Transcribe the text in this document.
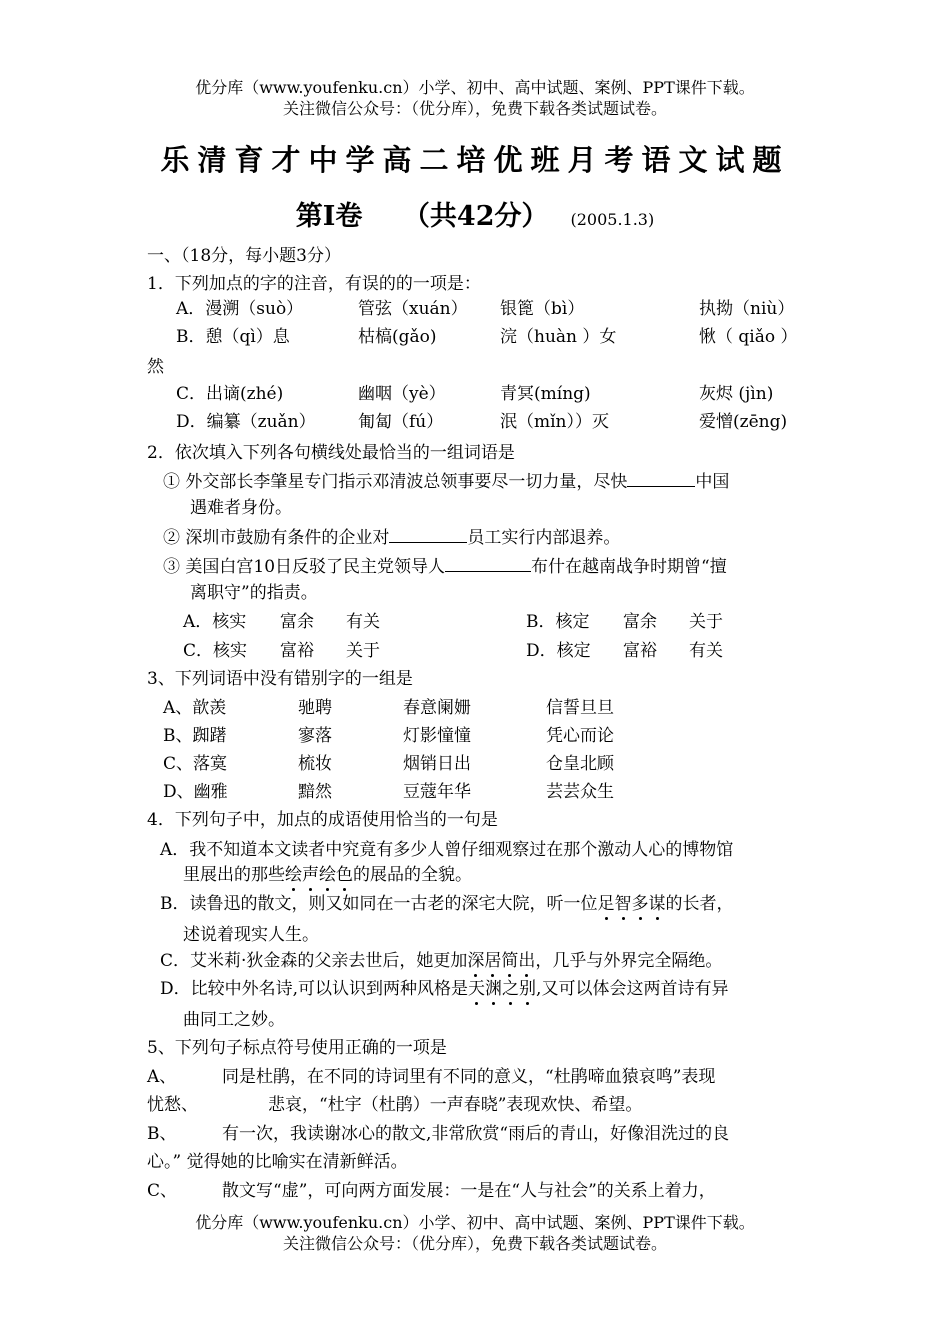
优分库（www.youfenku.cn）小学、初中、高中试题、案例、PPT课件下载。
关注微信公众号：（优分库），免费下载各类试题试卷。
乐清育才中学高二培优班月考语文试题
第Ⅰ卷　　（共42分） (2005.1.3)
一、（18分，每小题3分）
1．下列加点的字的注音，有误的的一项是：
A．漫溯（suò）	管弦（xuán） 银篦（bì）	执拗（niù）
B．憩（qì）息	枯槁(gǎo)	浣（huàn ）女	愀（ qiǎo ）
然
C．出谪(zhé)	幽咽（yè）	青冥(míng)	灰烬 (jìn)
D．编纂（zuǎn） 匍匐（fú）	泯（mǐn））灭	爱憎(zēng)
2．依次填入下列各句横线处最恰当的一组词语是
① 外交部长李肇星专门指示邓清波总领事要尽一切力量，尽快	中国
遇难者身份。
② 深圳市鼓励有条件的企业对	员工实行内部退养。
③ 美国白宫10日反驳了民主党领导人	布什在越南战争时期曾“擅
离职守”的指责。
A．核实 富余 有关	B．核定 富余 关于
C．核实 富裕 关于	D．核定 富裕 有关
3、下列词语中没有错别字的一组是
A、歆羡	驰聘	春意阑姗	信誓旦旦
B、踟躇	寥落	灯影憧憧	凭心而论
C、落寞	梳妆	烟销日出	仓皇北顾
D、幽雅	黯然	豆蔻年华	芸芸众生
4．下列句子中，加点的成语使用恰当的一句是
A．我不知道本文读者中究竟有多少人曾仔细观察过在那个激动人心的博物馆
里展出的那些绘声绘色的展品的全貌。
B．读鲁迅的散文，则又如同在一古老的深宅大院，听一位足智多谋的长者，
述说着现实人生。
C．艾米莉·狄金森的父亲去世后，她更加深居简出，几乎与外界完全隔绝。
D．比较中外名诗,可以认识到两种风格是天渊之别,又可以体会这两首诗有异
曲同工之妙。
5、下列句子标点符号使用正确的一项是
A、	同是杜鹃，在不同的诗词里有不同的意义，“杜鹃啼血猿哀鸣”表现
忧愁、	悲哀，“杜宇（杜鹃）一声春晓”表现欢快、希望。
B、	有一次，我读谢冰心的散文,非常欣赏“雨后的青山，好像泪洗过的良
心。” 觉得她的比喻实在清新鲜活。
C、	散文写“虚”，可向两方面发展：一是在“人与社会”的关系上着力，
优分库（www.youfenku.cn）小学、初中、高中试题、案例、PPT课件下载。
关注微信公众号：（优分库），免费下载各类试题试卷。
